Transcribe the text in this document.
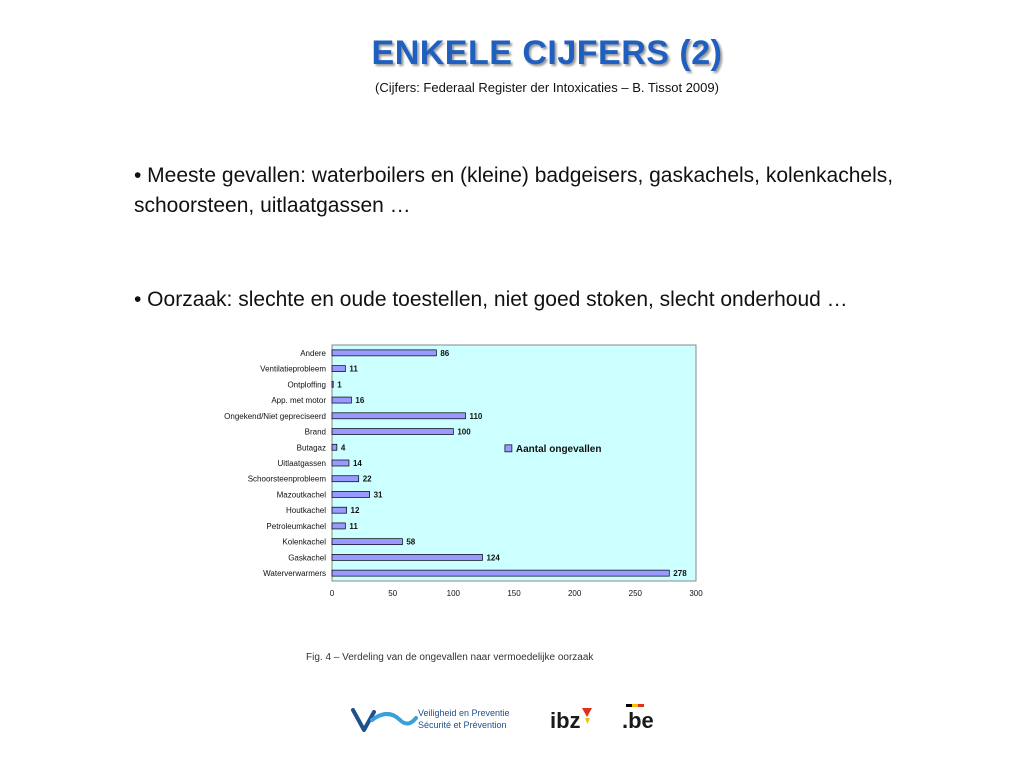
ENKELE CIJFERS (2)
(Cijfers: Federaal Register der Intoxicaties – B. Tissot 2009)
• Meeste gevallen: waterboilers en (kleine) badgeisers, gaskachels, kolenkachels, schoorsteen, uitlaatgassen …
• Oorzaak: slechte en oude toestellen, niet goed stoken, slecht onderhoud …
Andere	86
Ventilatieprobleem	11
Ontploffing 1
App. met motor	16
Ongekend/Niet gepreciseerd	110
Brand	100
Butagaz 4
Uitlaatgassen	14
Schoorsteenprobleem	22
Mazoutkachel	31
Houtkachel	12
Petroleumkachel	11
Kolenkachel	58
Gaskachel	124
Waterverwarmers	278
0	50	100	150	200	250	300
Aantal ongevallen
Fig. 4 – Verdeling van de ongevallen naar vermoedelijke oorzaak
Veiligheid en Preventie
Sécurité et Prévention ibz .be
